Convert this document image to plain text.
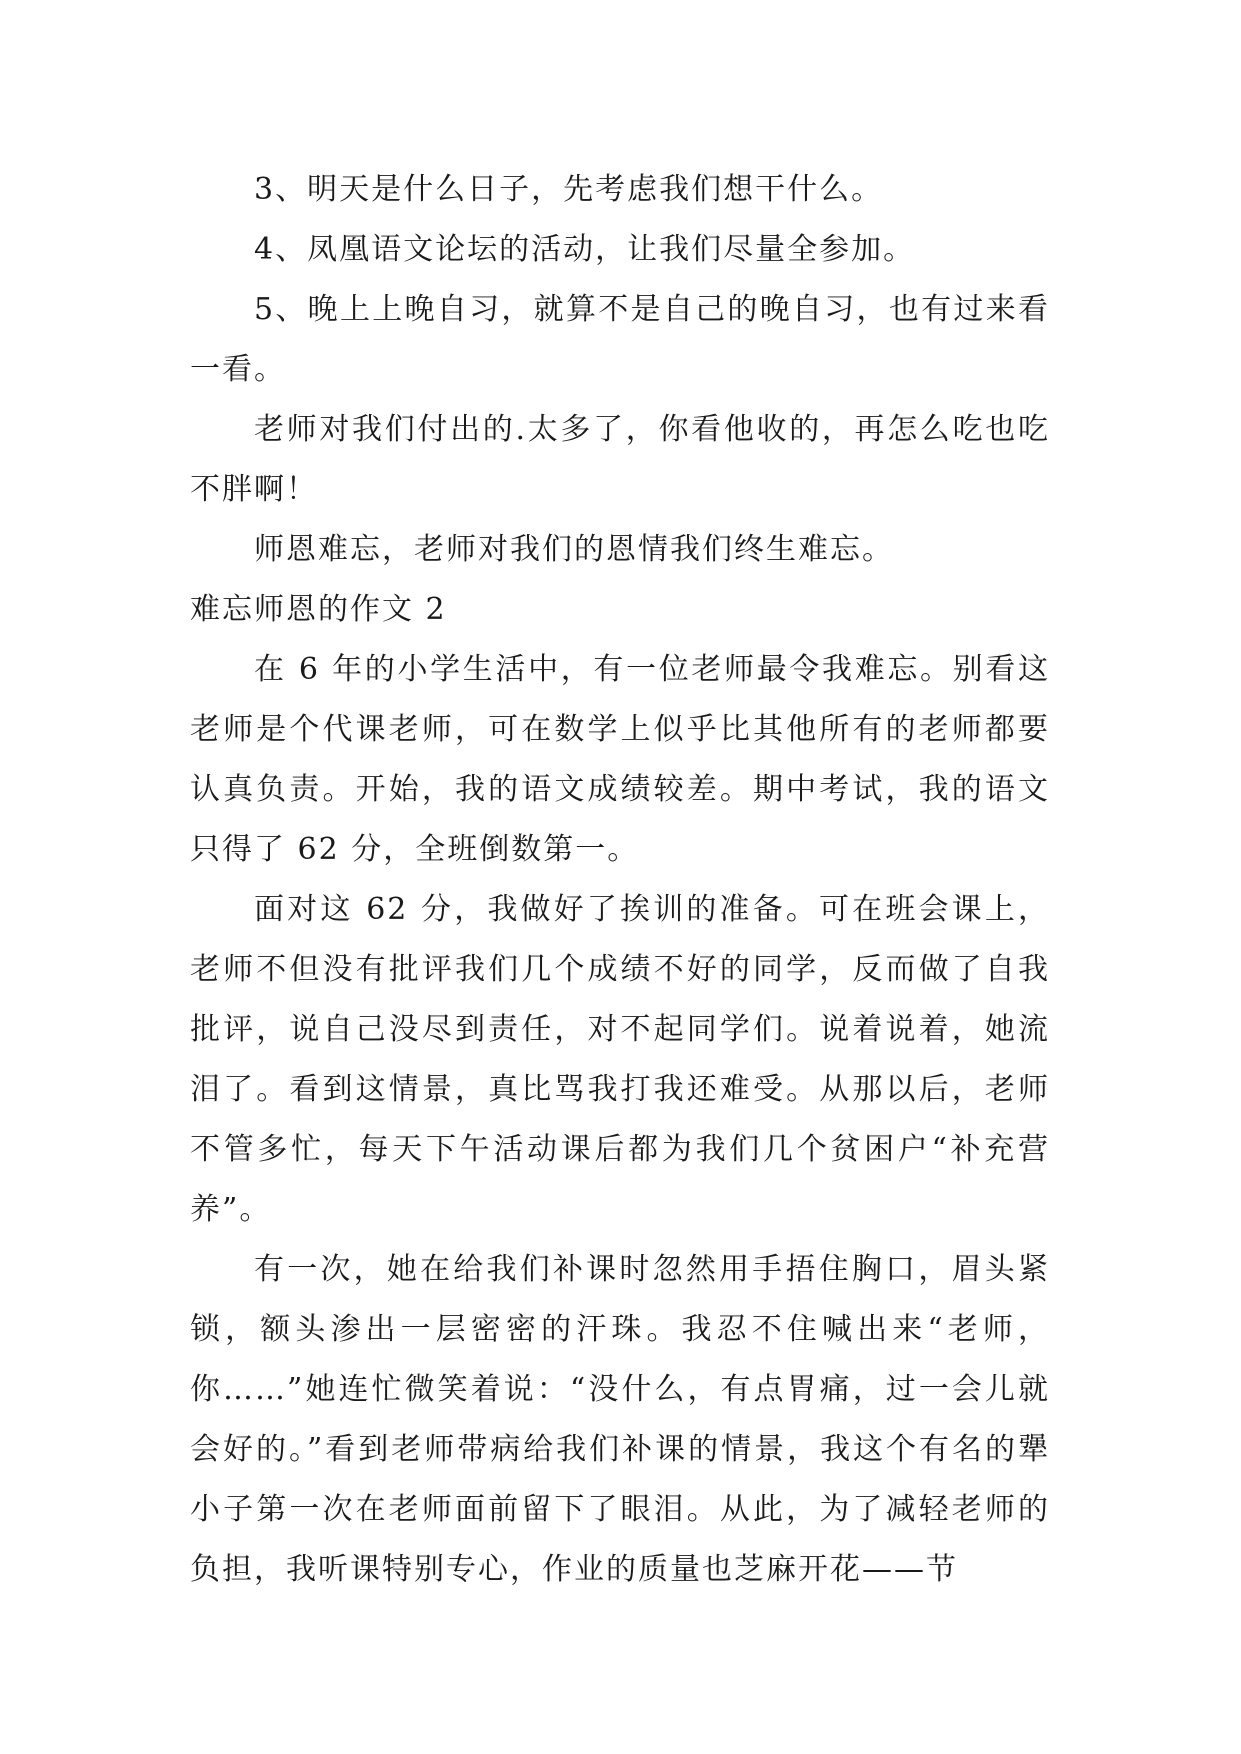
3、明天是什么日子，先考虑我们想干什么。

4、凤凰语文论坛的活动，让我们尽量全参加。

5、晚上上晚自习，就算不是自己的晚自习，也有过来看一看。

老师对我们付出的.太多了，你看他收的，再怎么吃也吃不胖啊！

师恩难忘，老师对我们的恩情我们终生难忘。

难忘师恩的作文 2

在 6 年的小学生活中，有一位老师最令我难忘。别看这老师是个代课老师，可在数学上似乎比其他所有的老师都要认真负责。开始，我的语文成绩较差。期中考试，我的语文只得了 62 分，全班倒数第一。

面对这 62 分，我做好了挨训的准备。可在班会课上，老师不但没有批评我们几个成绩不好的同学，反而做了自我批评，说自己没尽到责任，对不起同学们。说着说着，她流泪了。看到这情景，真比骂我打我还难受。从那以后，老师不管多忙，每天下午活动课后都为我们几个贫困户“补充营养”。

有一次，她在给我们补课时忽然用手捂住胸口，眉头紧锁，额头渗出一层密密的汗珠。我忍不住喊出来“老师，你……”她连忙微笑着说：“没什么，有点胃痛，过一会儿就会好的。”看到老师带病给我们补课的情景，我这个有名的犟小子第一次在老师面前留下了眼泪。从此，为了减轻老师的负担，我听课特别专心，作业的质量也芝麻开花——节
